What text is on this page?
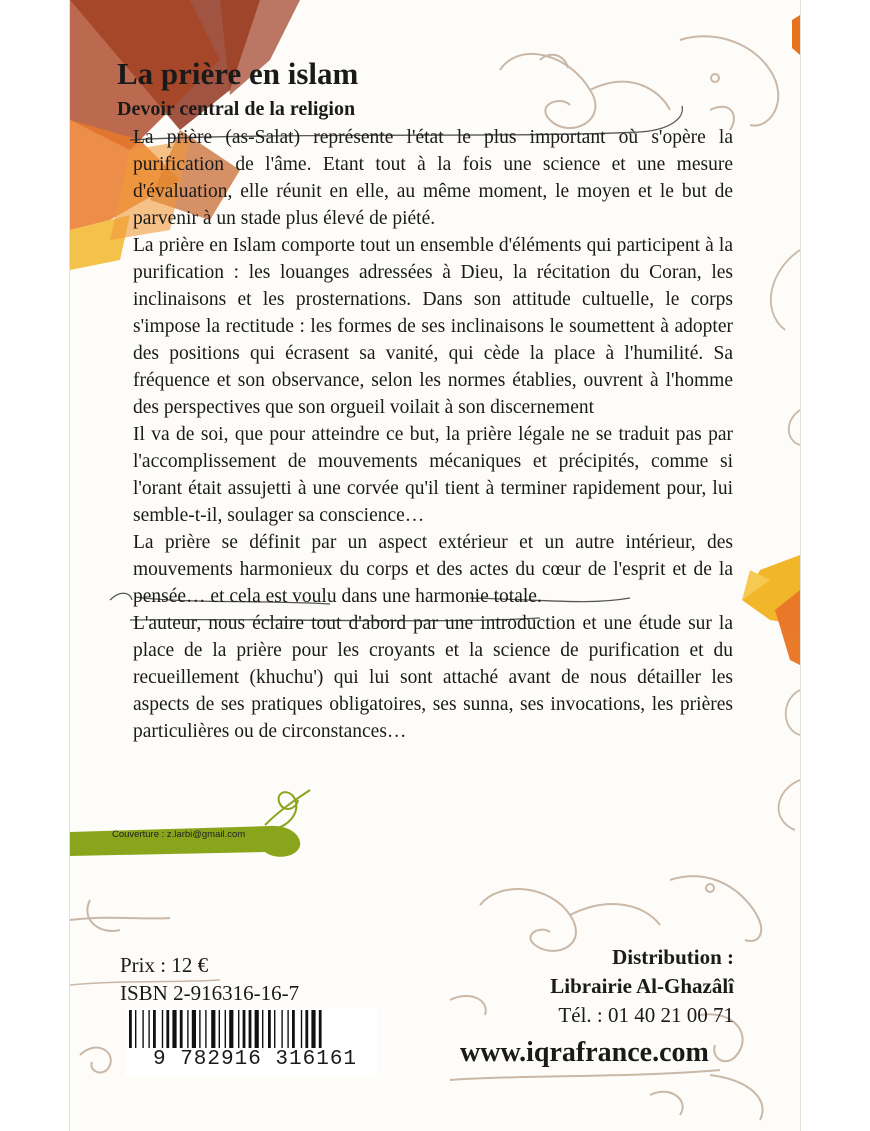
La prière en islam
Devoir central de la religion

La prière (as-Salat) représente l'état le plus important où s'opère la purification de l'âme. Etant tout à la fois une science et une mesure d'évaluation, elle réunit en elle, au même moment, le moyen et le but de parvenir à un stade plus élevé de piété.

La prière en Islam comporte tout un ensemble d'éléments qui participent à la purification : les louanges adressées à Dieu, la récitation du Coran, les inclinaisons et les prosternations. Dans son attitude cultuelle, le corps s'impose la rectitude : les formes de ses inclinaisons le soumettent à adopter des positions qui écrasent sa vanité, qui cède la place à l'humilité. Sa fréquence et son observance, selon les normes établies, ouvrent à l'homme des perspectives que son orgueil voilait à son discernement

Il va de soi, que pour atteindre ce but, la prière légale ne se traduit pas par l'accomplissement de mouvements mécaniques et précipités, comme si l'orant était assujetti à une corvée qu'il tient à terminer rapidement pour, lui semble-t-il, soulager sa conscience…

La prière se définit par un aspect extérieur et un autre intérieur, des mouvements harmonieux du corps et des actes du cœur de l'esprit et de la pensée… et cela est voulu dans une harmonie totale.

L'auteur, nous éclaire tout d'abord par une introduction et une étude sur la place de la prière pour les croyants et la science de purification et du recueillement (khuchu') qui lui sont attaché avant de nous détailler les aspects de ses pratiques obligatoires, ses sunna, ses invocations, les prières particulières ou de circonstances…

Couverture : z.larbi@gmail.com
Prix : 12 €
ISBN 2-916316-16-7
9 782916 316161
Distribution :
Librairie Al-Ghazâlî
Tél. : 01 40 21 00 71
www.iqrafrance.com
